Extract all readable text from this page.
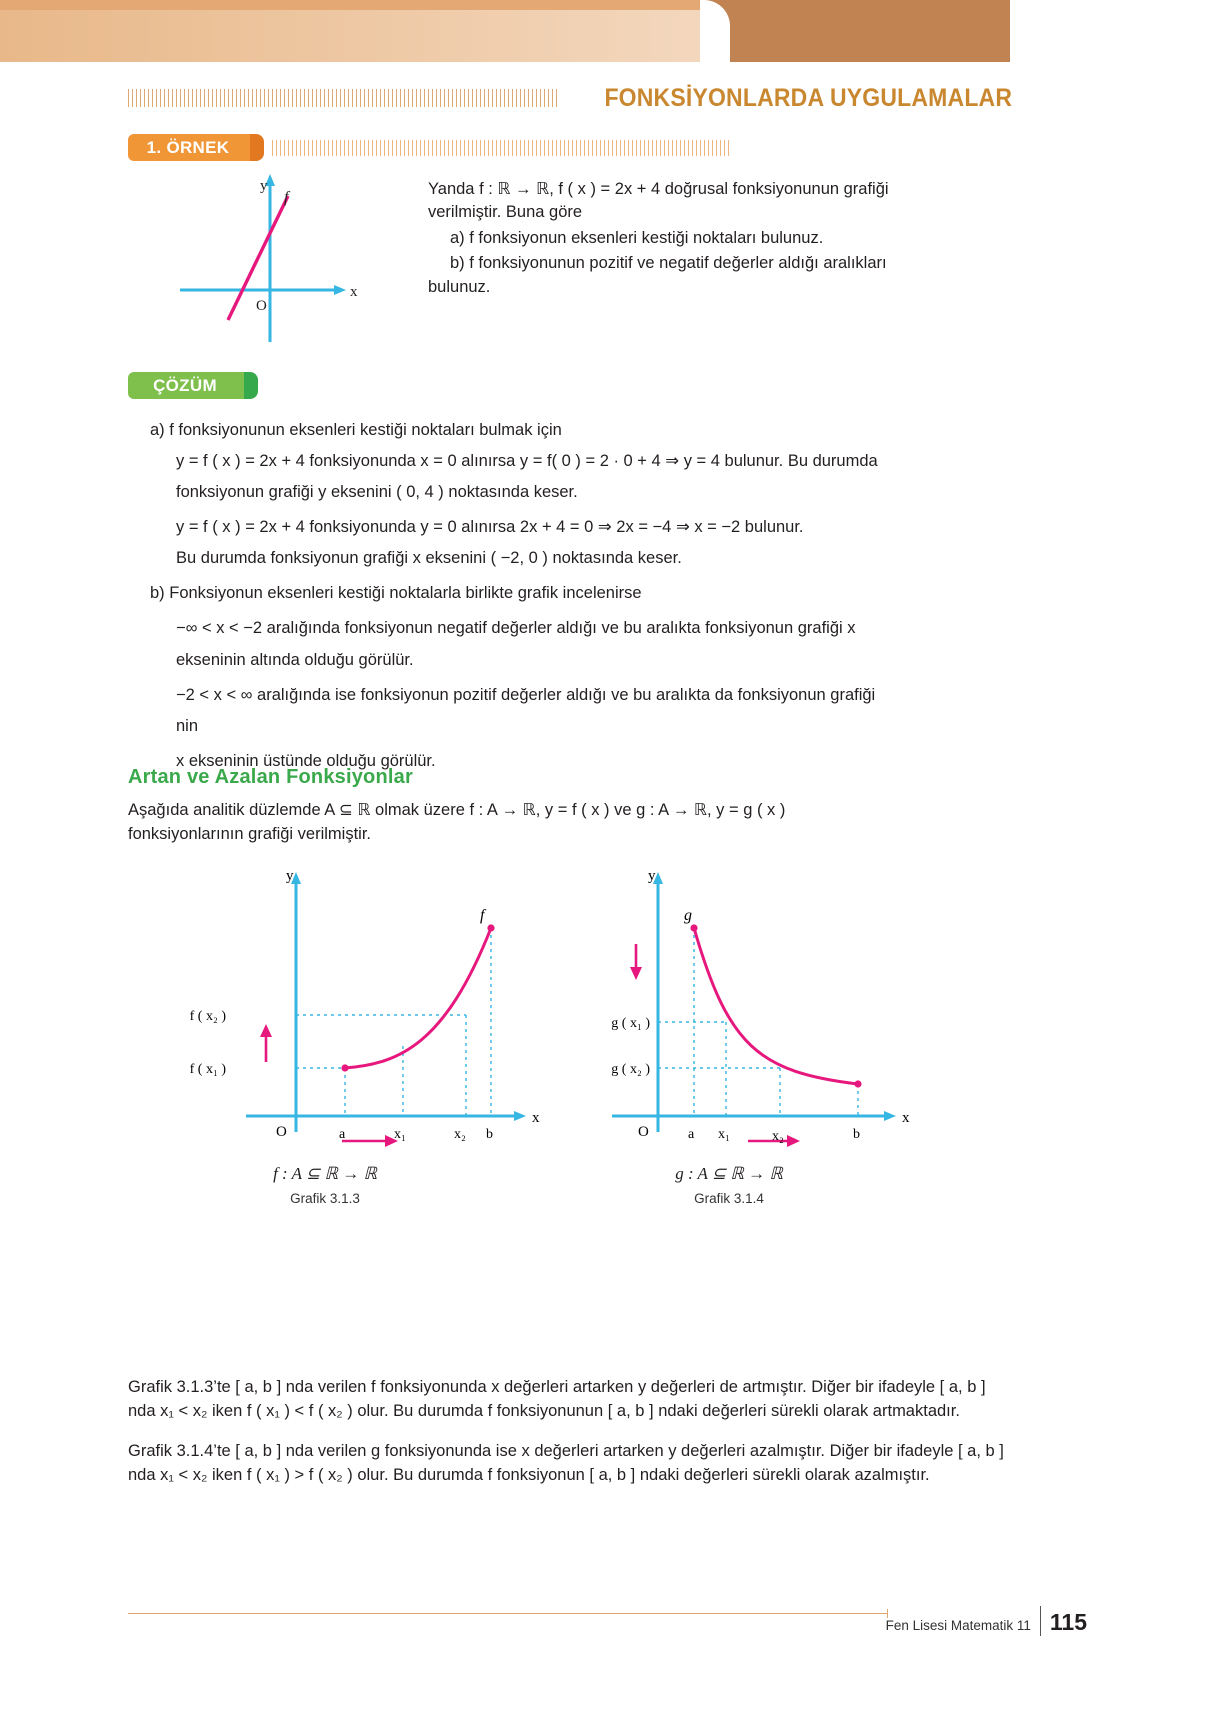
FONKSİYONLARDA UYGULAMALAR
1. ÖRNEK
f
O
y
x
Yanda f : ℝ → ℝ, f ( x ) = 2x + 4 doğrusal fonksiyonunun grafiği
verilmiştir. Buna göre
a) f fonksiyonun eksenleri kestiği noktaları bulunuz.
b) f fonksiyonunun pozitif ve negatif değerler aldığı aralıkları
bulunuz.
ÇÖZÜM

a) f fonksiyonunun eksenleri kestiği noktaları bulmak için

y = f ( x ) = 2x + 4 fonksiyonunda x = 0 alınırsa y = f( 0 ) = 2 · 0 + 4 ⇒ y = 4 bulunur. Bu durumda

fonksiyonun grafiği y eksenini ( 0, 4 ) noktasında keser.

y = f ( x ) = 2x + 4 fonksiyonunda y = 0 alınırsa 2x + 4 = 0 ⇒ 2x = −4 ⇒ x = −2 bulunur.

Bu durumda fonksiyonun grafiği x eksenini ( −2, 0 ) noktasında keser.

b) Fonksiyonun eksenleri kestiği noktalarla birlikte grafik incelenirse

−∞ < x < −2 aralığında fonksiyonun negatif değerler aldığı ve bu aralıkta fonksiyonun grafiği x

ekseninin altında olduğu görülür.

−2 < x < ∞ aralığında ise fonksiyonun pozitif değerler aldığı ve bu aralıkta da fonksiyonun grafiği

nin

x ekseninin üstünde olduğu görülür.

Artan ve Azalan Fonksiyonlar
Aşağıda analitik düzlemde A ⊆ ℝ olmak üzere f : A → ℝ, y = f ( x ) ve g : A → ℝ, y = g ( x )
fonksiyonlarının grafiği verilmiştir.
y
x
O	a	x₁	x₂ b
f ( x₂ )
f ( x₁ )
f
y
x
O	a x₁	x₂	b
g ( x₁ )
g ( x₂ )
g
f : A ⊆ ℝ → ℝ
Grafik 3.1.3
g : A ⊆ ℝ → ℝ
Grafik 3.1.4

Grafik 3.1.3’te [ a, b ] nda verilen f fonksiyonunda x değerleri artarken y değerleri de artmıştır. Diğer bir ifadeyle [ a, b ] nda x₁ < x₂ iken f ( x₁ ) < f ( x₂ ) olur. Bu durumda f fonksiyonunun [ a, b ] ndaki değerleri sürekli olarak artmaktadır.

Grafik 3.1.4’te [ a, b ] nda verilen g fonksiyonunda ise x değerleri artarken y değerleri azalmıştır. Diğer bir ifadeyle [ a, b ] nda x₁ < x₂ iken f ( x₁ ) > f ( x₂ ) olur. Bu durumda f fonksiyonun [ a, b ] ndaki değerleri sürekli olarak azalmıştır.

Fen Lisesi Matematik 11 115
